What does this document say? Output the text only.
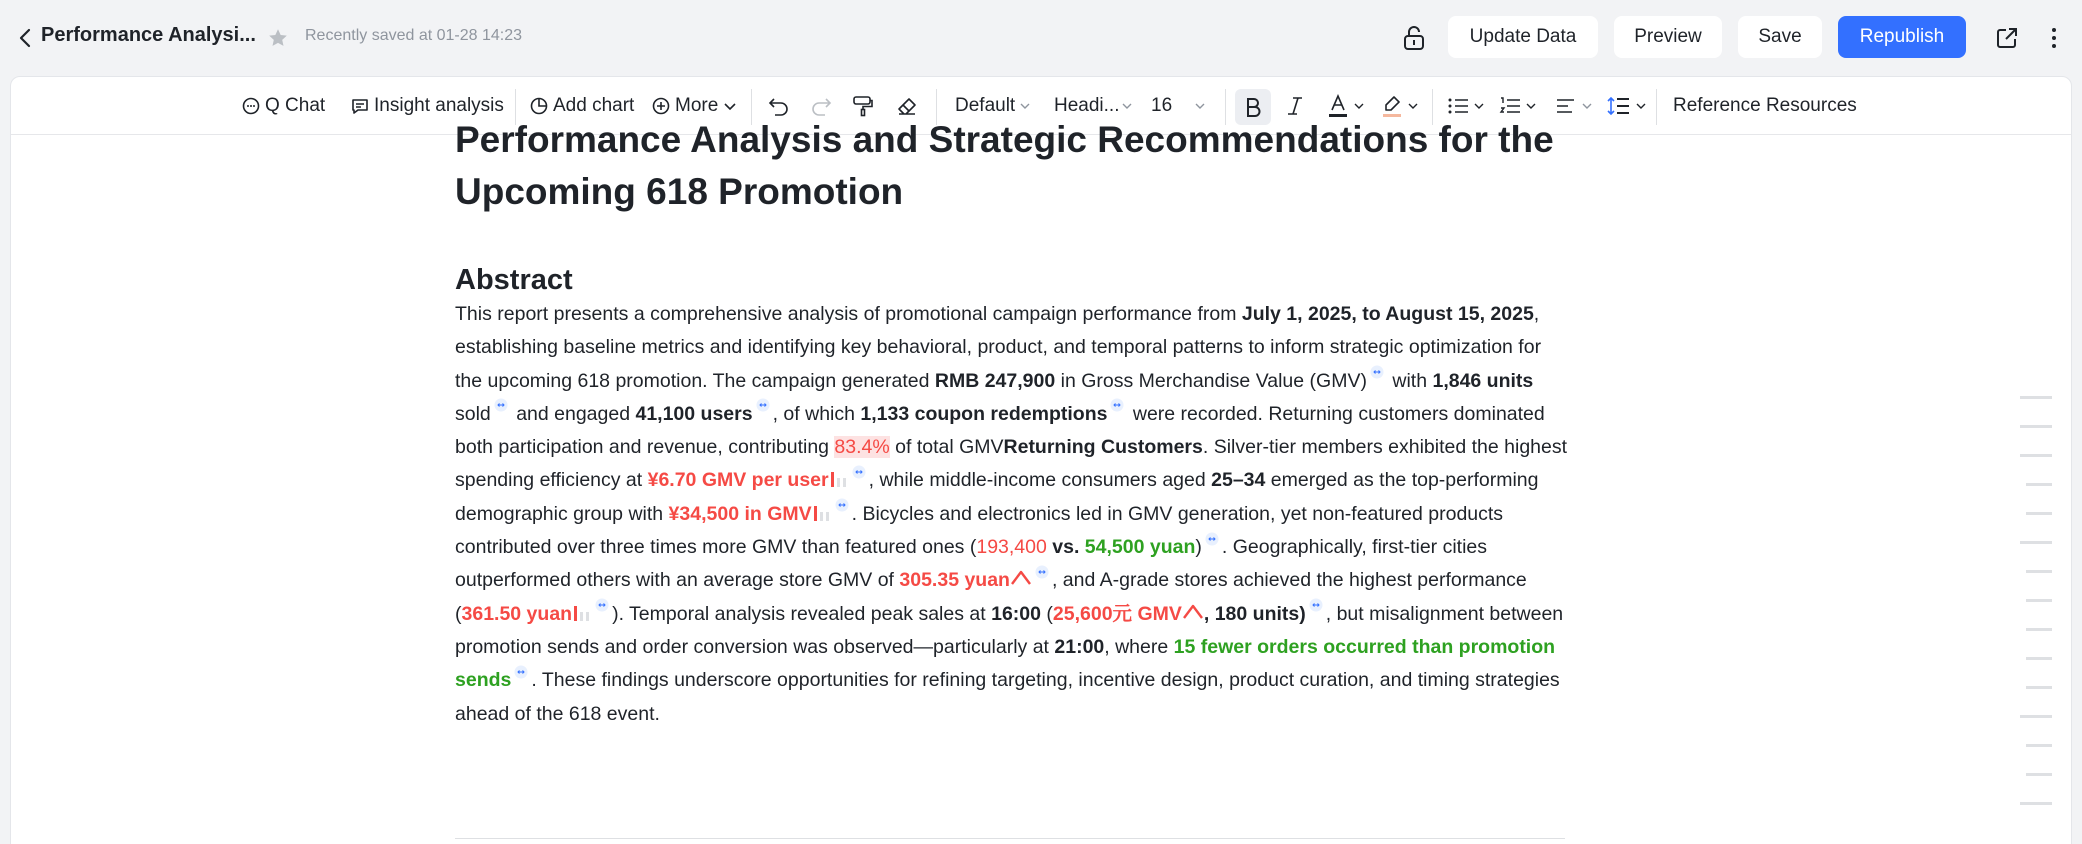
Performance Analysi...	Recently saved at 01-28 14:23	Update Data	Preview	Save	Republish
Q Chat	Insight analysis	Add chart More	Default Headi... 16	Reference Resources
Performance Analysis and Strategic Recommendations for the Upcoming 618 Promotion
Abstract
This report presents a comprehensive analysis of promotional campaign performance from July 1, 2025, to August 15, 2025, establishing baseline metrics and identifying key behavioral, product, and temporal patterns to inform strategic optimization for the upcoming 618 promotion. The campaign generated RMB 247,900 in Gross Merchandise Value (GMV) with 1,846 units sold and engaged 41,100 users , of which 1,133 coupon redemptions were recorded. Returning customers dominated both participation and revenue, contributing 83.4% of total GMVReturning Customers. Silver-tier members exhibited the highest spending efficiency at ¥6.70 GMV per user , while middle-income consumers aged 25–34 emerged as the top-performing demographic group with ¥34,500 in GMV . Bicycles and electronics led in GMV generation, yet non-featured products contributed over three times more GMV than featured ones (193,400 vs. 54,500 yuan) . Geographically, first-tier cities outperformed others with an average store GMV of 305.35 yuan , and A-grade stores achieved the highest performance (361.50 yuan ). Temporal analysis revealed peak sales at 16:00 (25,600元 GMV , 180 units) , but misalignment between promotion sends and order conversion was observed—particularly at 21:00, where 15 fewer orders occurred than promotion sends . These findings underscore opportunities for refining targeting, incentive design, product curation, and timing strategies ahead of the 618 event.
